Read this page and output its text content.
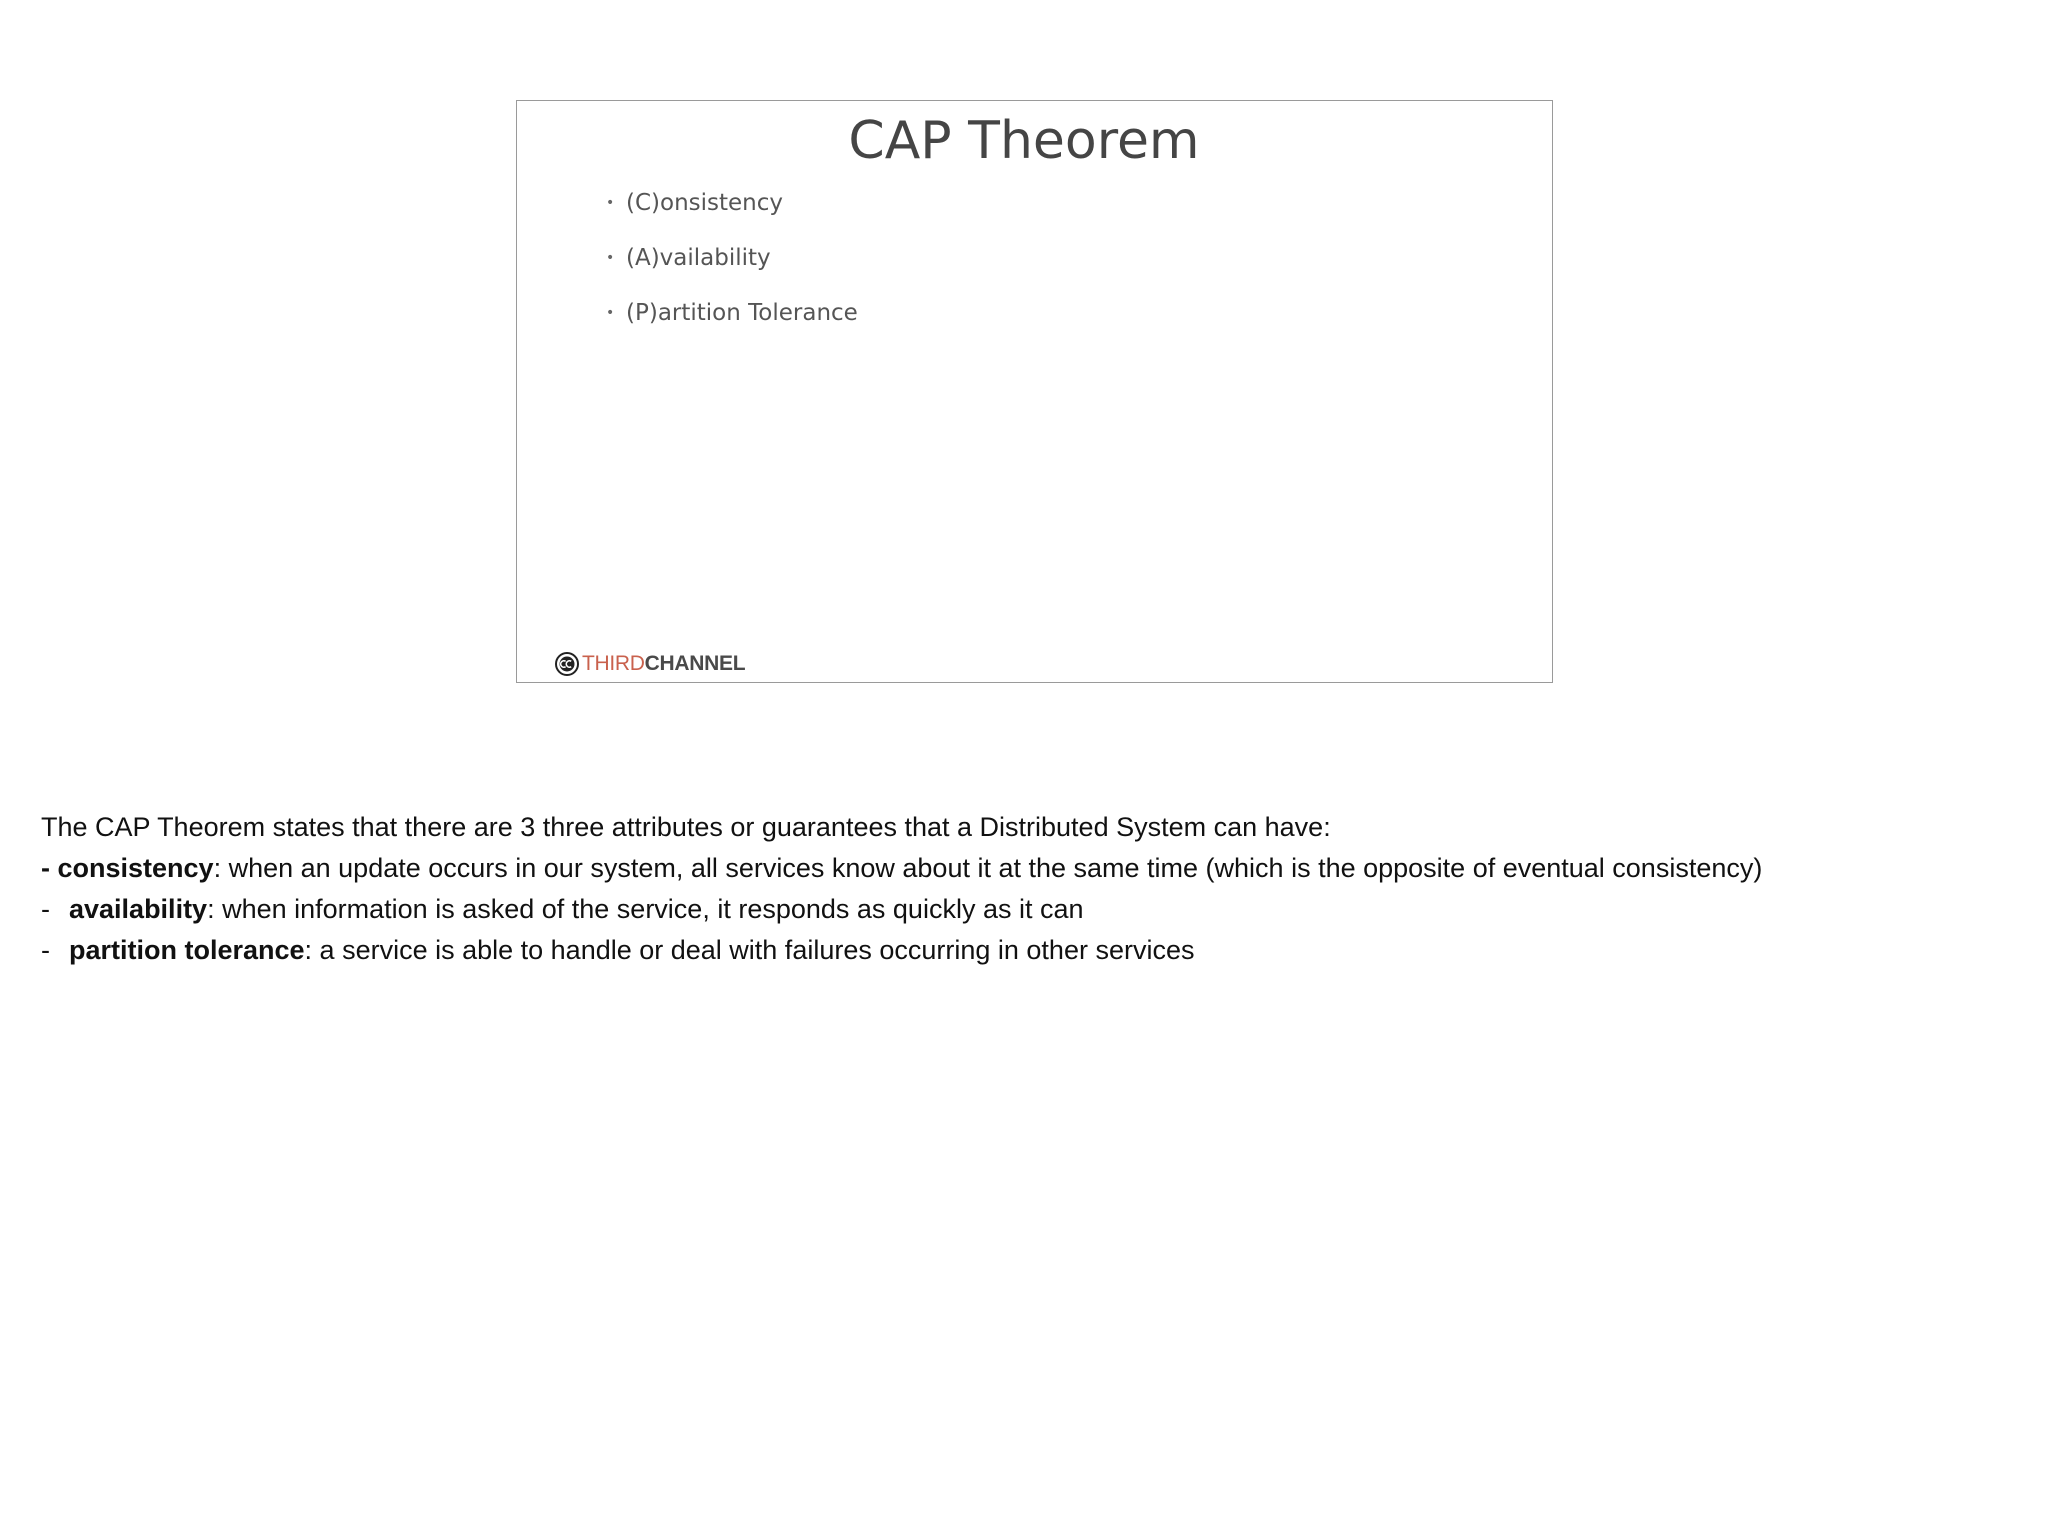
CAP Theorem
• (C)onsistency
• (A)vailability
• (P)artition Tolerance
THIRDCHANNEL
The CAP Theorem states that there are 3 three attributes or guarantees that a Distributed System can have:
- consistency: when an update occurs in our system, all services know about it at the same time (which is the opposite of eventual consistency)
- availability: when information is asked of the service, it responds as quickly as it can
- partition tolerance: a service is able to handle or deal with failures occurring in other services
